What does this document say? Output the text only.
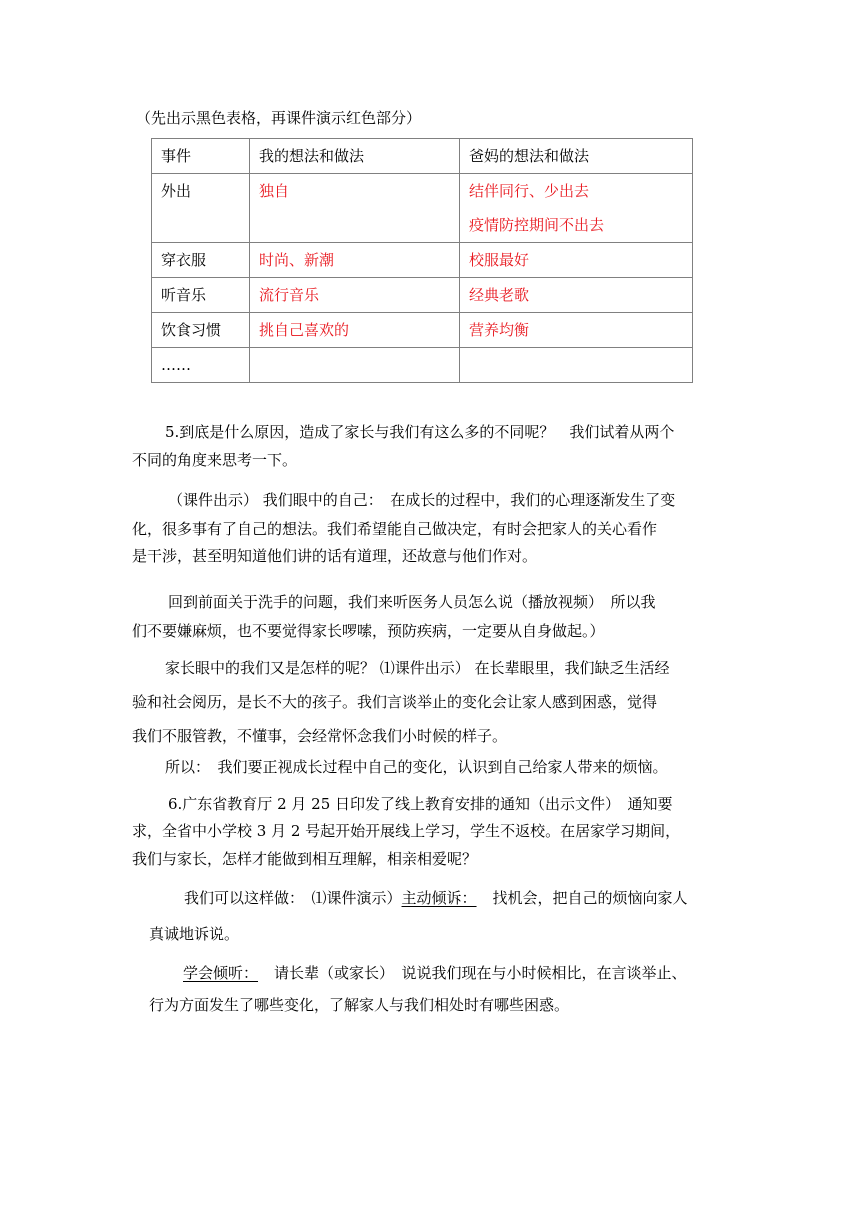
（先出示黑色表格，再课件演示红色部分）
事件	我的想法和做法	爸妈的想法和做法
外出	独自	结伴同行、少出去
疫情防控期间不出去

穿衣服	时尚、新潮	校服最好
听音乐	流行音乐	经典老歌
饮食习惯	挑自己喜欢的	营养均衡
……		
5.到底是什么原因，造成了家长与我们有这么多的不同呢？　我们试着从两个
不同的角度来思考一下。
（课件出示） 我们眼中的自己：　在成长的过程中，我们的心理逐渐发生了变
化，很多事有了自己的想法。我们希望能自己做决定，有时会把家人的关心看作
是干涉，甚至明知道他们讲的话有道理，还故意与他们作对。
回到前面关于洗手的问题，我们来听医务人员怎么说（播放视频）　所以我
们不要嫌麻烦，也不要觉得家长啰嗦，预防疾病，一定要从自身做起。）
家长眼中的我们又是怎样的呢？ ⑴课件出示） 在长辈眼里，我们缺乏生活经
验和社会阅历，是长不大的孩子。我们言谈举止的变化会让家人感到困惑，觉得
我们不服管教，不懂事，会经常怀念我们小时候的样子。
所以：　我们要正视成长过程中自己的变化，认识到自己给家人带来的烦恼。
6.广东省教育厅 2 月 25 日印发了线上教育安排的通知（出示文件）　通知要
求，全省中小学校 3 月 2 号起开始开展线上学习，学生不返校。在居家学习期间，
我们与家长，怎样才能做到相互理解，相亲相爱呢？
我们可以这样做：　⑴课件演示）主动倾诉： 找机会，把自己的烦恼向家人
真诚地诉说。
学会倾听： 请长辈（或家长）　说说我们现在与小时候相比，在言谈举止、
行为方面发生了哪些变化，了解家人与我们相处时有哪些困惑。
